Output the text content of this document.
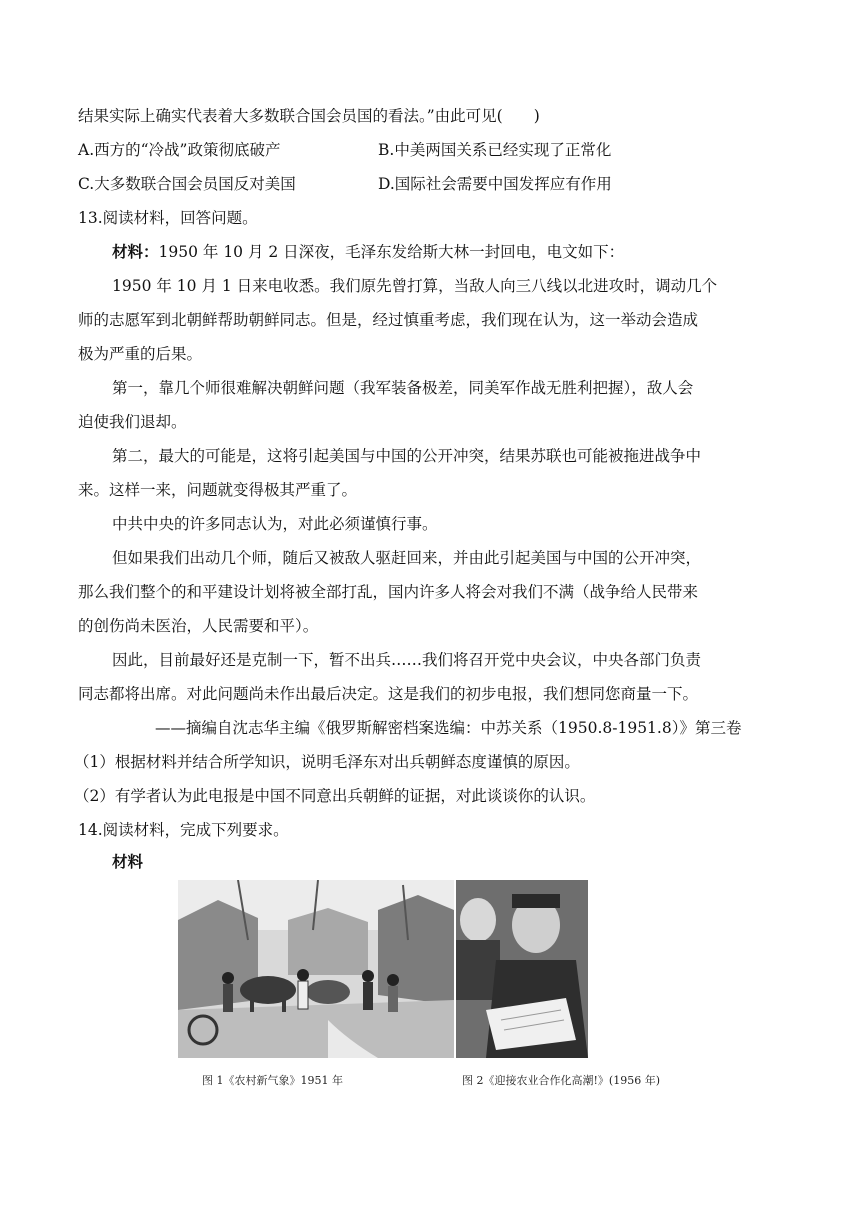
结果实际上确实代表着大多数联合国会员国的看法。”由此可见(　　)
A.西方的“冷战”政策彻底破产	B.中美两国关系已经实现了正常化
C.大多数联合国会员国反对美国	D.国际社会需要中国发挥应有作用
13.阅读材料，回答问题。
材料：1950 年 10 月 2 日深夜，毛泽东发给斯大林一封回电，电文如下：
1950 年 10 月 1 日来电收悉。我们原先曾打算，当敌人向三八线以北进攻时，调动几个
师的志愿军到北朝鲜帮助朝鲜同志。但是，经过慎重考虑，我们现在认为，这一举动会造成
极为严重的后果。
第一，靠几个师很难解决朝鲜问题（我军装备极差，同美军作战无胜利把握），敌人会
迫使我们退却。
第二，最大的可能是，这将引起美国与中国的公开冲突，结果苏联也可能被拖进战争中
来。这样一来，问题就变得极其严重了。
中共中央的许多同志认为，对此必须谨慎行事。
但如果我们出动几个师，随后又被敌人驱赶回来，并由此引起美国与中国的公开冲突，
那么我们整个的和平建设计划将被全部打乱，国内许多人将会对我们不满（战争给人民带来
的创伤尚未医治，人民需要和平）。
因此，目前最好还是克制一下，暂不出兵……我们将召开党中央会议，中央各部门负责
同志都将出席。对此问题尚未作出最后决定。这是我们的初步电报，我们想同您商量一下。
——摘编自沈志华主编《俄罗斯解密档案选编：中苏关系（1950.8-1951.8）》第三卷
（1）根据材料并结合所学知识，说明毛泽东对出兵朝鲜态度谨慎的原因。
（2）有学者认为此电报是中国不同意出兵朝鲜的证据，对此谈谈你的认识。
14.阅读材料，完成下列要求。
材料
图 1《农村新气象》1951 年	图 2《迎接农业合作化高潮!》(1956 年)
